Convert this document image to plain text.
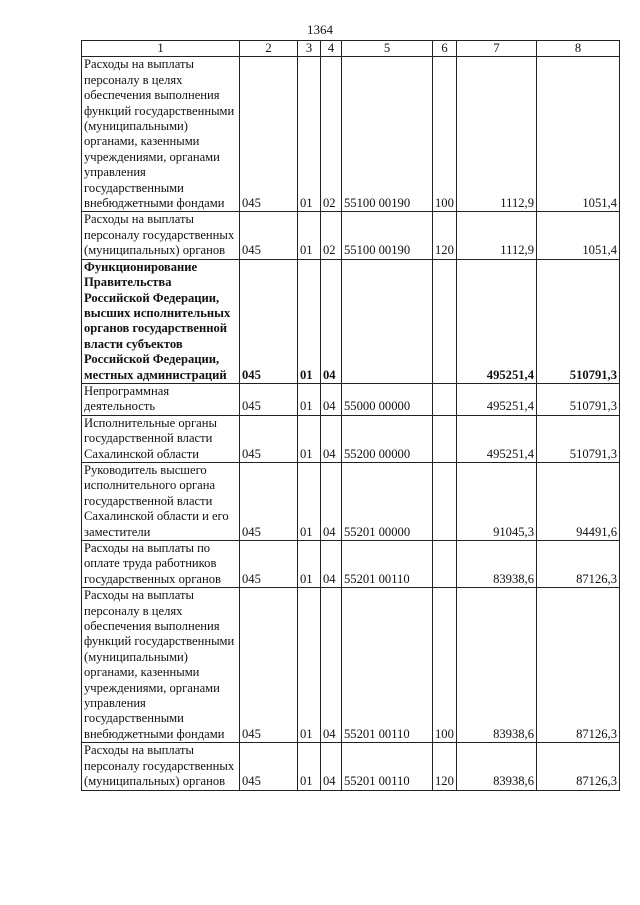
1364
1	2	3	4	5	6	7	8
Расходы на выплаты персоналу в целях обеспечения выполнения функций государственными (муниципальными) органами, казенными учреждениями, органами управления государственными внебюджетными фондами	045	01	02	55100 00190	100	1112,9	1051,4
Расходы на выплаты персоналу государственных (муниципальных) органов	045	01	02	55100 00190	120	1112,9	1051,4
Функционирование Правительства Российской Федерации, высших исполнительных органов государственной власти субъектов Российской Федерации, местных администраций	045	01	04			495251,4	510791,3
Непрограммная деятельность	045	01	04	55000 00000		495251,4	510791,3
Исполнительные органы государственной власти Сахалинской области	045	01	04	55200 00000		495251,4	510791,3
Руководитель высшего исполнительного органа государственной власти Сахалинской области и его заместители	045	01	04	55201 00000		91045,3	94491,6
Расходы на выплаты по оплате труда работников государственных органов	045	01	04	55201 00110		83938,6	87126,3
Расходы на выплаты персоналу в целях обеспечения выполнения функций государственными (муниципальными) органами, казенными учреждениями, органами управления государственными внебюджетными фондами	045	01	04	55201 00110	100	83938,6	87126,3
Расходы на выплаты персоналу государственных (муниципальных) органов	045	01	04	55201 00110	120	83938,6	87126,3
